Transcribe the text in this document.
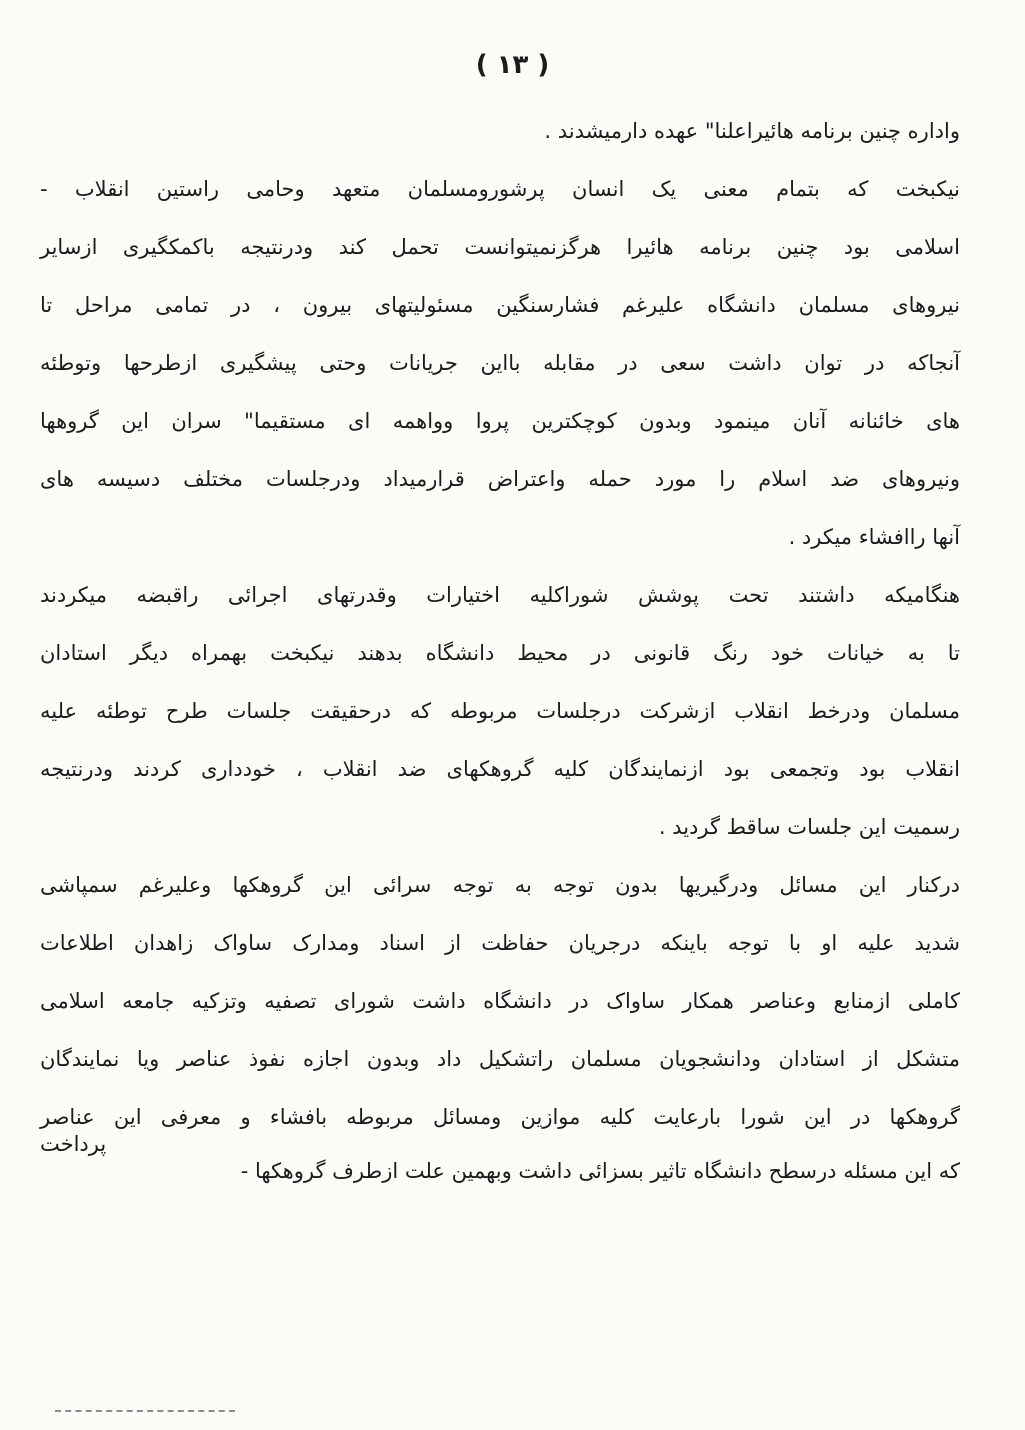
( ۱۳ )
واداره چنین برنامه هائیراعلنا" عهده دارمیشدند .
نیکبخت که بتمام معنی یک انسان پرشورومسلمان متعهد وحامی راستین انقلاب -
اسلامی بود چنین برنامه هائیرا هرگزنمیتوانست تحمل کند ودرنتیجه باکمکگیری ازسایر
نیروهای مسلمان دانشگاه علیرغم فشارسنگین مسئولیتهای بیرون ، در تمامی مراحل تا
آنجاکه در توان داشت سعی در مقابله بااین جریانات وحتی پیشگیری ازطرحها وتوطئه
های خائنانه آنان مینمود وبدون کوچکترین پروا وواهمه ای مستقیما" سران این گروهها
ونیروهای ضد اسلام را مورد حمله واعتراض قرارمیداد ودرجلسات مختلف دسیسه های
آنها راافشاء میکرد .
هنگامیکه داشتند تحت پوشش شوراکلیه اختیارات وقدرتهای اجرائی راقبضه میکردند
تا به خیانات خود رنگ قانونی در محیط دانشگاه بدهند نیکبخت بهمراه دیگر استادان
مسلمان ودرخط انقلاب ازشرکت درجلسات مربوطه که درحقیقت جلسات طرح توطئه علیه
انقلاب بود وتجمعی بود ازنمایندگان کلیه گروهکهای ضد انقلاب ، خودداری کردند ودرنتیجه
رسمیت این جلسات ساقط گردید .
درکنار این مسائل ودرگیریها بدون توجه به توجه سرائی این گروهکها وعلیرغم سمپاشی
شدید علیه او با توجه باینکه درجریان حفاظت از اسناد ومدارک ساواک زاهدان اطلاعات
کاملی ازمنابع وعناصر همکار ساواک در دانشگاه داشت شورای تصفیه وتزکیه جامعه اسلامی
متشکل از استادان ودانشجویان مسلمان راتشکیل داد وبدون اجازه نفوذ عناصر ویا نمایندگان
گروهکها در این شورا بارعایت کلیه موازین ومسائل مربوطه بافشاء و معرفی این عناصر
پرداخت
که این مسئله درسطح دانشگاه تاثیر بسزائی داشت وبهمین علت ازطرف گروهکها -
